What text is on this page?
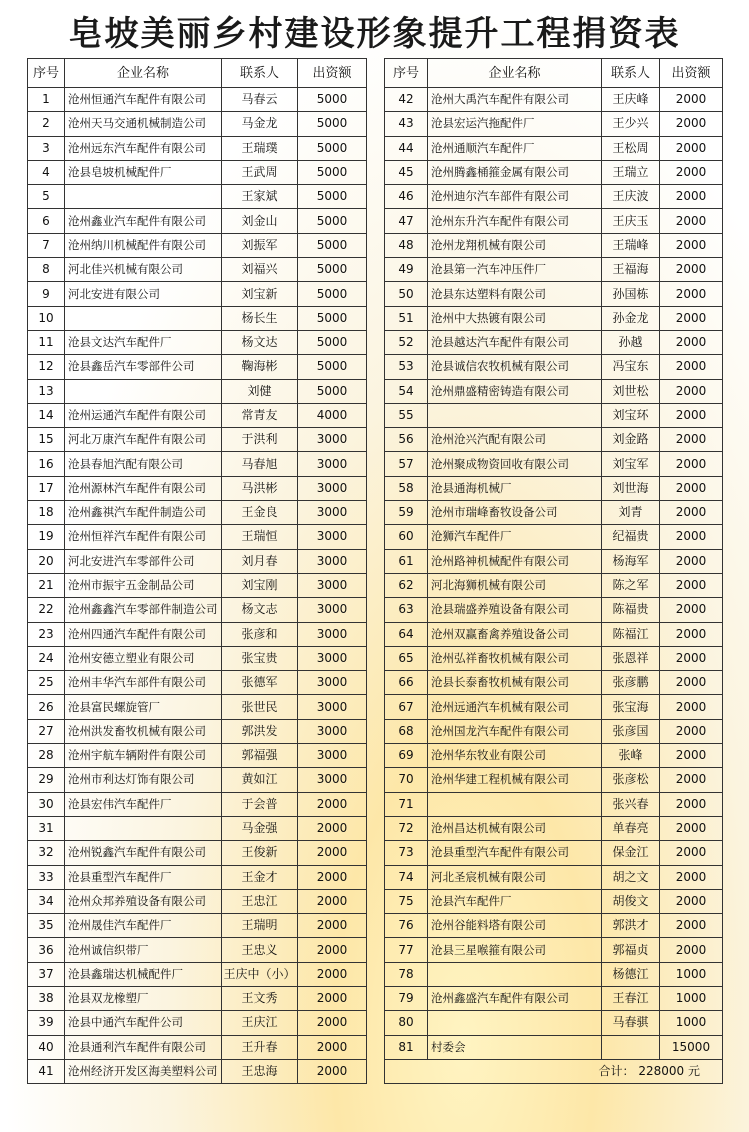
皂坡美丽乡村建设形象提升工程捐资表
序号	企业名称	联系人	出资额
1	沧州恒通汽车配件有限公司	马春云	5000
2	沧州天马交通机械制造公司	马金龙	5000
3	沧州远东汽车配件有限公司	王瑞璞	5000
4	沧县皂坡机械配件厂	王武周	5000
5		王家斌	5000
6	沧州鑫业汽车配件有限公司	刘金山	5000
7	沧州纳川机械配件有限公司	刘振军	5000
8	河北佳兴机械有限公司	刘福兴	5000
9	河北安进有限公司	刘宝新	5000
10		杨长生	5000
11	沧县文达汽车配件厂	杨文达	5000
12	沧县鑫岳汽车零部件公司	鞠海彬	5000
13		刘健	5000
14	沧州运通汽车配件有限公司	常青友	4000
15	河北万康汽车配件有限公司	于洪利	3000
16	沧县春旭汽配有限公司	马春旭	3000
17	沧州源林汽车配件有限公司	马洪彬	3000
18	沧州鑫祺汽车配件制造公司	王金良	3000
19	沧州恒祥汽车配件有限公司	王瑞恒	3000
20	河北安进汽车零部件公司	刘月春	3000
21	沧州市振宇五金制品公司	刘宝刚	3000
22	沧州鑫鑫汽车零部件制造公司	杨文志	3000
23	沧州四通汽车配件有限公司	张彦和	3000
24	沧州安德立塑业有限公司	张宝贵	3000
25	沧州丰华汽车部件有限公司	张德军	3000
26	沧县富民螺旋管厂	张世民	3000
27	沧州洪发畜牧机械有限公司	郭洪发	3000
28	沧州宇航车辆附件有限公司	郭福强	3000
29	沧州市利达灯饰有限公司	黄如江	3000
30	沧县宏伟汽车配件厂	于会普	2000
31		马金强	2000
32	沧州锐鑫汽车配件有限公司	王俊新	2000
33	沧县重型汽车配件厂	王金才	2000
34	沧州众邦养殖设备有限公司	王忠江	2000
35	沧州晟佳汽车配件厂	王瑞明	2000
36	沧州诚信织带厂	王忠义	2000
37	沧县鑫瑞达机械配件厂	王庆中（小）	2000
38	沧县双龙橡塑厂	王文秀	2000
39	沧县中通汽车配件公司	王庆江	2000
40	沧县通利汽车配件有限公司	王升春	2000
41	沧州经济开发区海美塑料公司	王忠海	2000
序号	企业名称	联系人	出资额
42	沧州大禹汽车配件有限公司	王庆峰	2000
43	沧县宏运汽拖配件厂	王少兴	2000
44	沧州通顺汽车配件厂	王松周	2000
45	沧州腾鑫桶箍金属有限公司	王瑞立	2000
46	沧州迪尔汽车部件有限公司	王庆波	2000
47	沧州东升汽车配件有限公司	王庆玉	2000
48	沧州龙翔机械有限公司	王瑞峰	2000
49	沧县第一汽车冲压件厂	王福海	2000
50	沧县东达塑料有限公司	孙国栋	2000
51	沧州中大热镀有限公司	孙金龙	2000
52	沧县越达汽车配件有限公司	孙越	2000
53	沧县诚信农牧机械有限公司	冯宝东	2000
54	沧州鼎盛精密铸造有限公司	刘世松	2000
55		刘宝环	2000
56	沧州沧兴汽配有限公司	刘金路	2000
57	沧州聚成物资回收有限公司	刘宝军	2000
58	沧县通海机械厂	刘世海	2000
59	沧州市瑞峰畜牧设备公司	刘青	2000
60	沧狮汽车配件厂	纪福贵	2000
61	沧州路神机械配件有限公司	杨海军	2000
62	河北海狮机械有限公司	陈之军	2000
63	沧县瑞盛养殖设备有限公司	陈福贵	2000
64	沧州双赢畜禽养殖设备公司	陈福江	2000
65	沧州弘祥畜牧机械有限公司	张恩祥	2000
66	沧县长泰畜牧机械有限公司	张彦鹏	2000
67	沧州远通汽车机械有限公司	张宝海	2000
68	沧州国龙汽车配件有限公司	张彦国	2000
69	沧州华东牧业有限公司	张峰	2000
70	沧州华建工程机械有限公司	张彦松	2000
71		张兴春	2000
72	沧州昌达机械有限公司	单春亮	2000
73	沧县重型汽车配件有限公司	保金江	2000
74	河北圣宸机械有限公司	胡之文	2000
75	沧县汽车配件厂	胡俊文	2000
76	沧州谷能料塔有限公司	郭洪才	2000
77	沧县三星喉箍有限公司	郭福贞	2000
78		杨德江	1000
79	沧州鑫盛汽车配件有限公司	王春江	1000
80		马春骐	1000
81	村委会		15000
合计： 228000 元			
